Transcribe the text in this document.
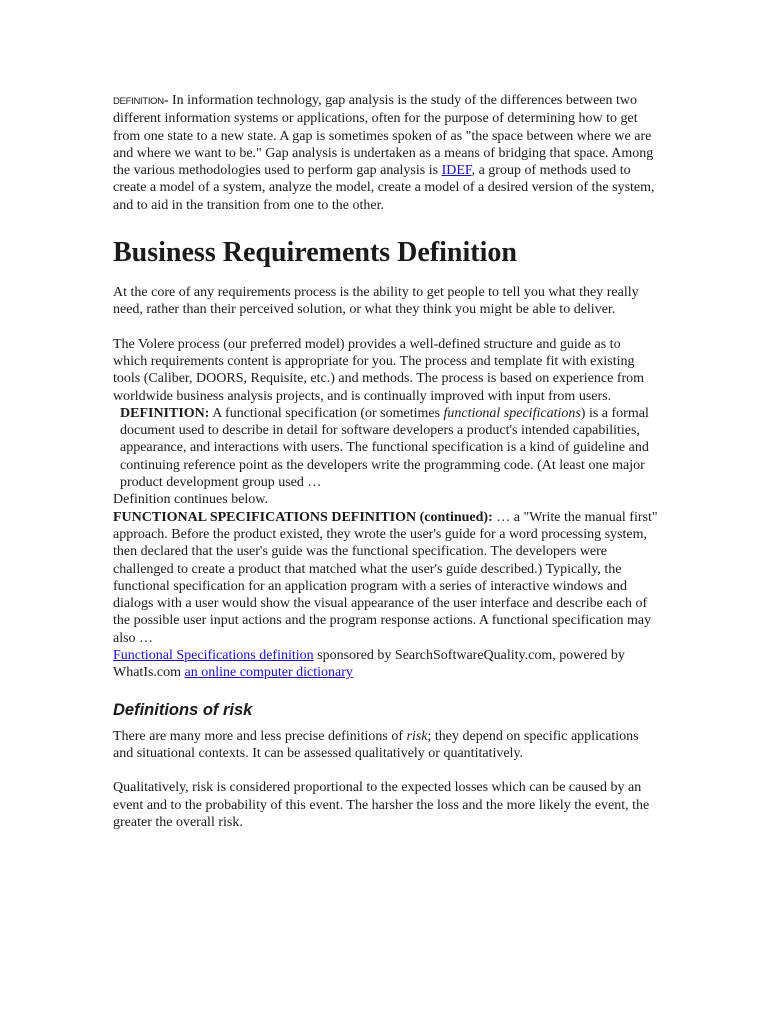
DEFINITION- In information technology, gap analysis is the study of the differences between two different information systems or applications, often for the purpose of determining how to get from one state to a new state. A gap is sometimes spoken of as "the space between where we are and where we want to be." Gap analysis is undertaken as a means of bridging that space. Among the various methodologies used to perform gap analysis is IDEF, a group of methods used to create a model of a system, analyze the model, create a model of a desired version of the system, and to aid in the transition from one to the other.

Business Requirements Definition

At the core of any requirements process is the ability to get people to tell you what they really need, rather than their perceived solution, or what they think you might be able to deliver.

The Volere process (our preferred model) provides a well-defined structure and guide as to which requirements content is appropriate for you. The process and template fit with existing tools (Caliber, DOORS, Requisite, etc.) and methods. The process is based on experience from worldwide business analysis projects, and is continually improved with input from users.

DEFINITION: A functional specification (or sometimes functional specifications) is a formal document used to describe in detail for software developers a product's intended capabilities, appearance, and interactions with users. The functional specification is a kind of guideline and continuing reference point as the developers write the programming code. (At least one major product development group used …

Definition continues below.

FUNCTIONAL SPECIFICATIONS DEFINITION (continued): … a "Write the manual first" approach. Before the product existed, they wrote the user's guide for a word processing system, then declared that the user's guide was the functional specification. The developers were challenged to create a product that matched what the user's guide described.) Typically, the functional specification for an application program with a series of interactive windows and dialogs with a user would show the visual appearance of the user interface and describe each of the possible user input actions and the program response actions. A functional specification may also …

Functional Specifications definition sponsored by SearchSoftwareQuality.com, powered by WhatIs.com an online computer dictionary

Definitions of risk

There are many more and less precise definitions of risk; they depend on specific applications and situational contexts. It can be assessed qualitatively or quantitatively.

Qualitatively, risk is considered proportional to the expected losses which can be caused by an event and to the probability of this event. The harsher the loss and the more likely the event, the greater the overall risk.
